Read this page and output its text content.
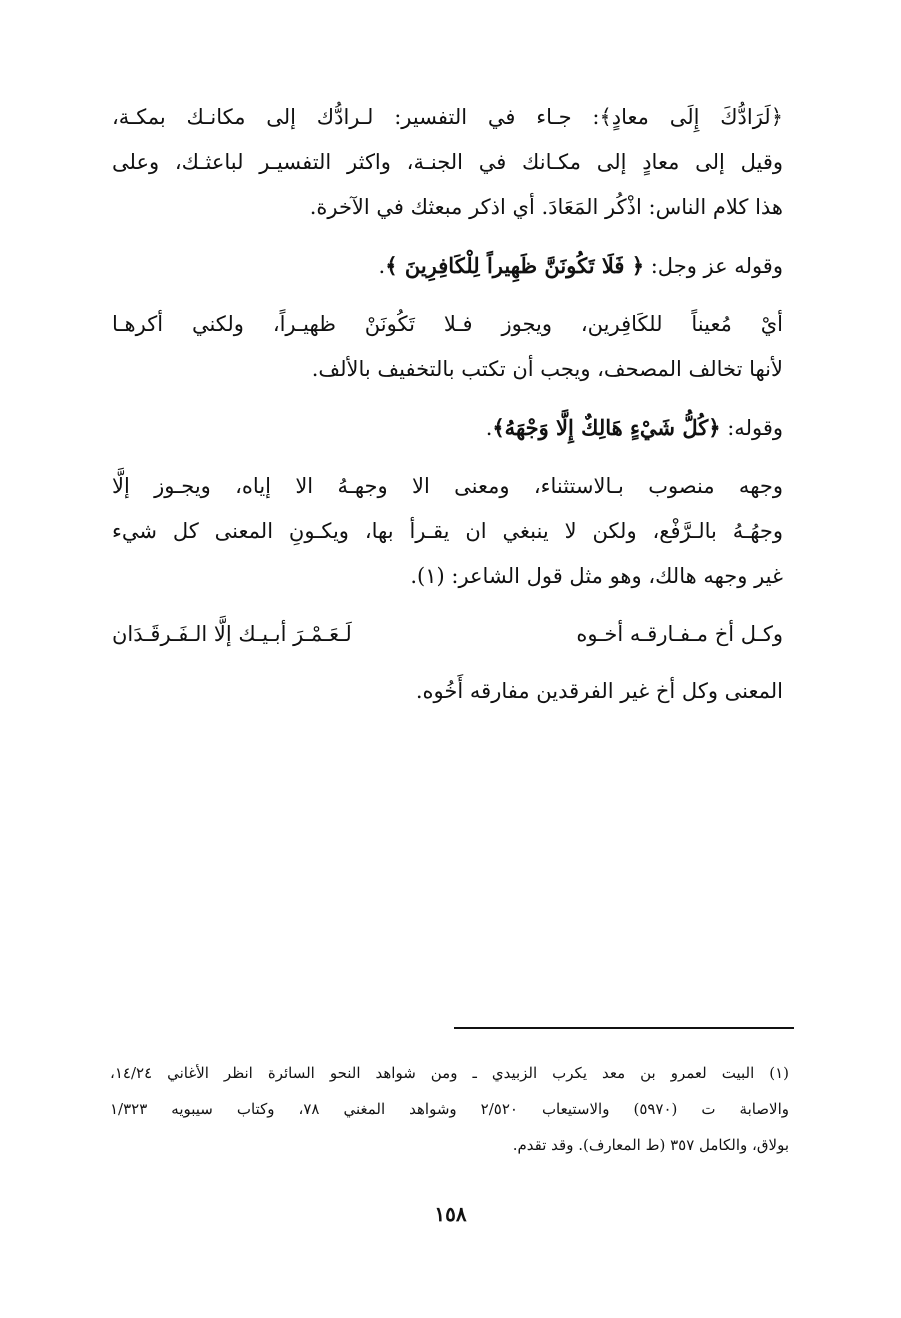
﴿لَرَادُّكَ إِلَى معادٍ﴾: جـاء في التفسير: لـرادُّك إلى مكانـك بمكـة،
وقيل إلى معادٍ إلى مكـانك في الجنـة، واكثر التفسيـر لباعثـك، وعلى
هذا كلام الناس: اذْكُر المَعَادَ. أي اذكر مبعثك في الآخرة.
وقوله عز وجل: ﴿ فَلَا تَكُونَنَّ ظَهِيراً لِلْكَافِرِينَ ﴾.
أيْ مُعيناً للكَافِرين، ويجوز فـلا تَكُونَنْ ظهيـراً، ولكني أكرهـا
لأنها تخالف المصحف، ويجب أن تكتب بالتخفيف بالألف.
وقوله: ﴿كُلُّ شَيْءٍ هَالِكٌ إِلَّا وَجْهَهُ﴾.
وجهه منصوب بـالاستثناء، ومعنى الا وجهـهُ الا إياه، ويجـوز إلَّا
وجهُـهُ بالـرَّفْع، ولكن لا ينبغي ان يقـرأ بها، ويكـونِ المعنى كل شيء
غير وجهه هالك، وهو مثل قول الشاعر: (١).
وكـل أخ مـفـارقـه أخـوه
لَـعَـمْـرَ أبـيـك إلَّا الـفَـرقَـدَان
المعنى وكل أخ غير الفرقدين مفارقه أَخُوه.
(١) البيت لعمرو بن معد يكرب الزبيدي ـ ومن شواهد النحو السائرة انظر الأغاني ١٤/٢٤،
والاصابة ت (٥٩٧٠) والاستيعاب ٢/٥٢٠ وشواهد المغني ٧٨، وكتاب سيبويه ١/٣٢٣
بولاق، والكامل ٣٥٧ (ط المعارف). وقد تقدم.
١٥٨
